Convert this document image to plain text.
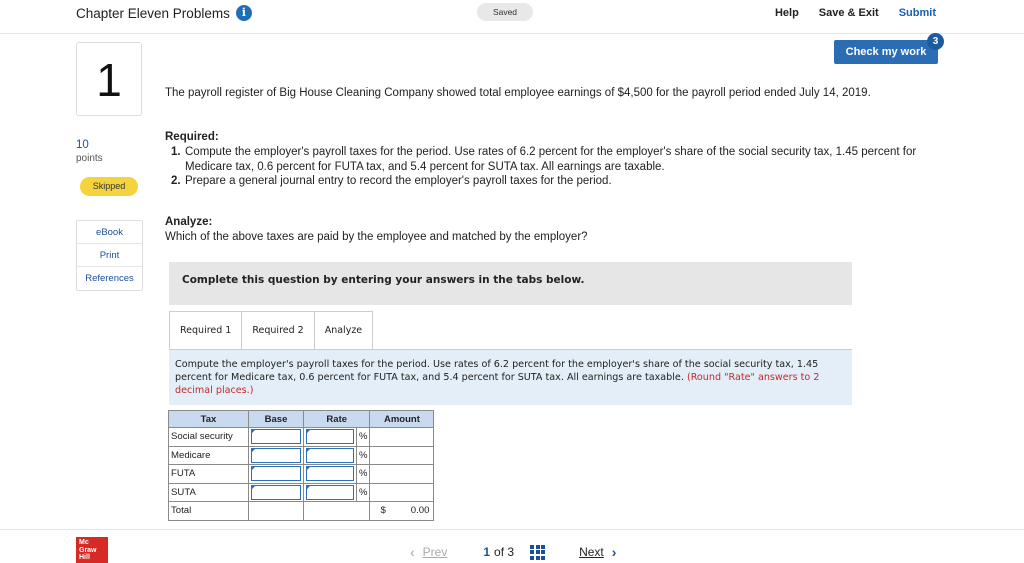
Chapter Eleven Problems	i	Saved	Help Save & Exit Submit
Check my work
3
1
10
points
Skipped
eBook
Print
References
The payroll register of Big House Cleaning Company showed total employee earnings of $4,500 for the payroll period ended July 14, 2019.
Required:
1. Compute the employer's payroll taxes for the period. Use rates of 6.2 percent for the employer's share of the social security tax, 1.45 percent for Medicare tax, 0.6 percent for FUTA tax, and 5.4 percent for SUTA tax. All earnings are taxable.
2. Prepare a general journal entry to record the employer's payroll taxes for the period.
Analyze:
Which of the above taxes are paid by the employee and matched by the employer?
Complete this question by entering your answers in the tabs below.
Required 1	Required 2	Analyze
Compute the employer's payroll taxes for the period. Use rates of 6.2 percent for the employer's share of the social security tax, 1.45 percent for Medicare tax, 0.6 percent for FUTA tax, and 5.4 percent for SUTA tax. All earnings are taxable. (Round "Rate" answers to 2 decimal places.)
Tax	Base	Rate		Amount
Social security			%	
Medicare			%	
FUTA			%	
SUTA			%	
Total				$ 0.00
Mc
Graw
Hill	‹ Prev	1 of 3	Next ›
